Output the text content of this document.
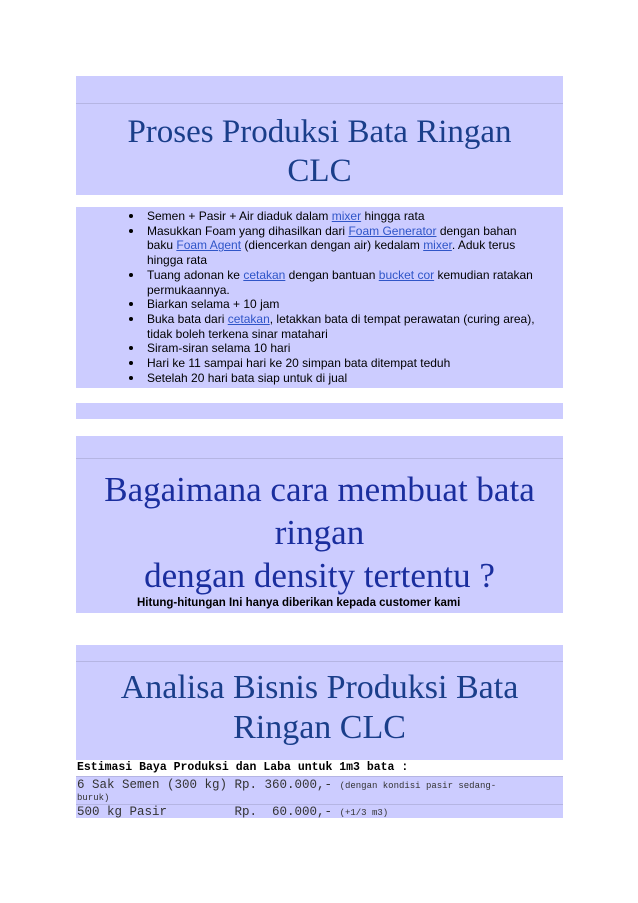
Proses Produksi Bata Ringan
CLC
Semen + Pasir + Air diaduk dalam mixer hingga rata
Masukkan Foam yang dihasilkan dari Foam Generator dengan bahan baku Foam Agent (diencerkan dengan air) kedalam mixer. Aduk terus hingga rata
Tuang adonan ke cetakan dengan bantuan bucket cor kemudian ratakan permukaannya.
Biarkan selama + 10 jam
Buka bata dari cetakan, letakkan bata di tempat perawatan (curing area), tidak boleh terkena sinar matahari
Siram-siran selama 10 hari
Hari ke 11 sampai hari ke 20 simpan bata ditempat teduh
Setelah 20 hari bata siap untuk di jual
Bagaimana cara membuat bata
ringan
dengan density tertentu ?
Hitung-hitungan Ini hanya diberikan kepada customer kami
Analisa Bisnis Produksi Bata
Ringan CLC
Estimasi Baya Produksi dan Laba untuk 1m3 bata :
6 Sak Semen (300 kg) Rp. 360.000,- (dengan kondisi pasir sedang-
buruk)
500 kg Pasir         Rp.  60.000,- (+1/3 m3)
